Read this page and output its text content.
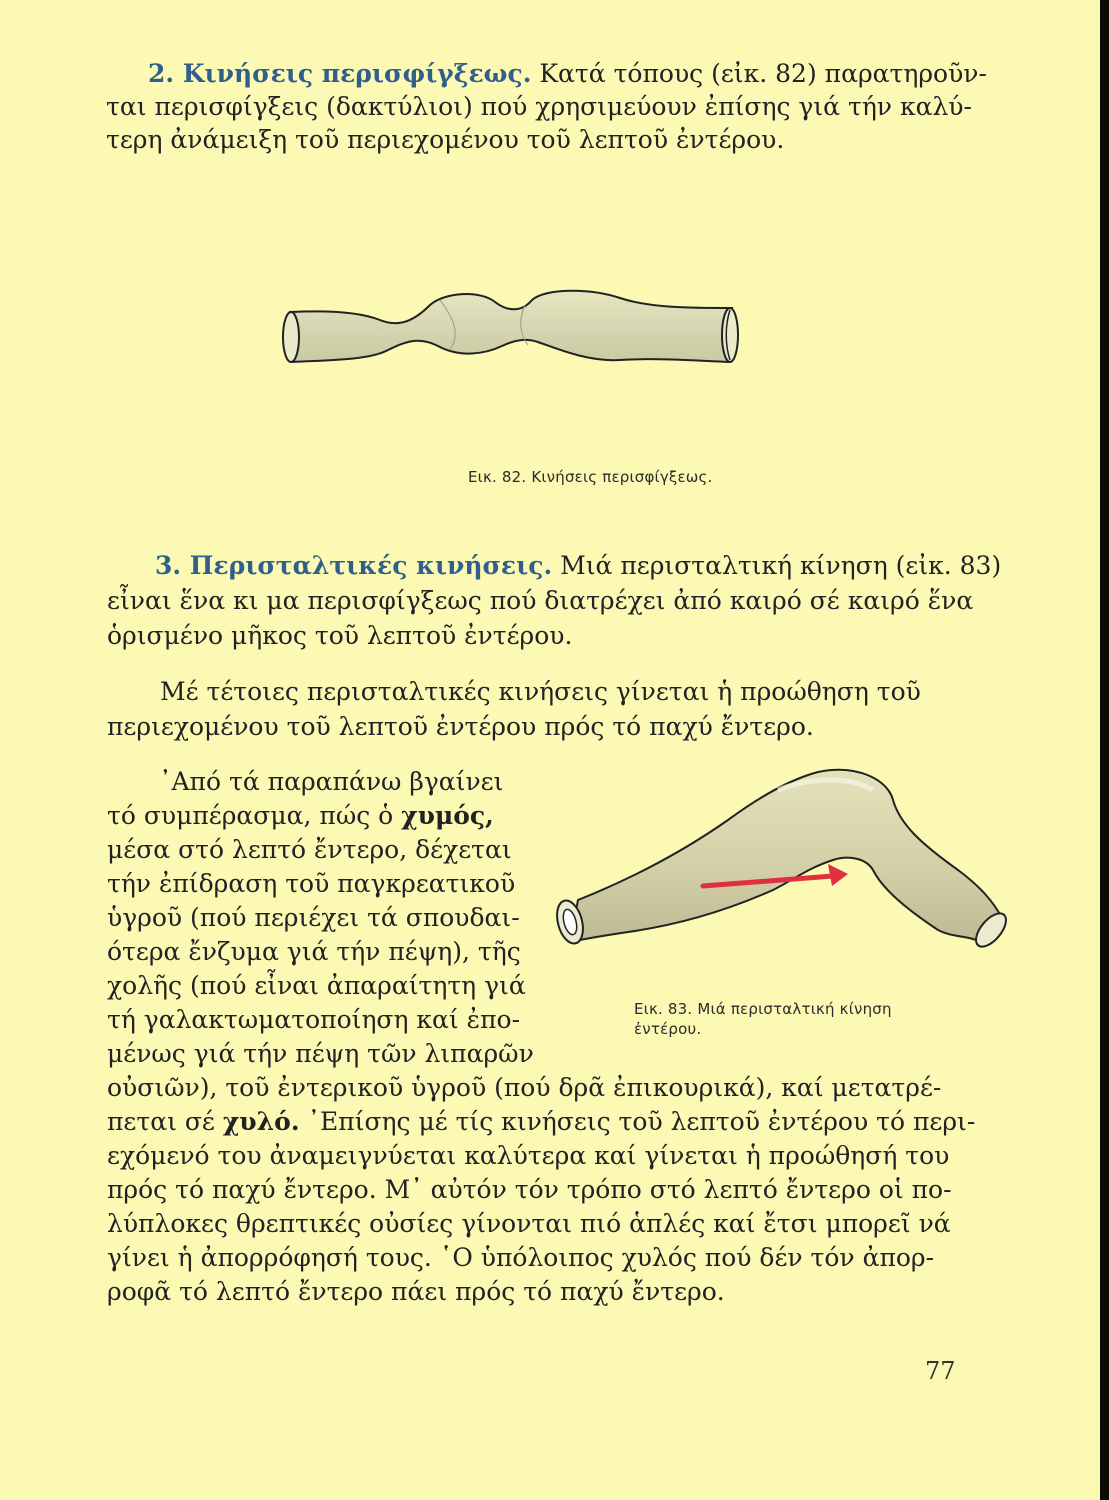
2. Κινήσεις περισφίγξεως. Κατά τόπους (εἰκ. 82) παρατηροῦν-
ται περισφίγξεις (δακτύλιοι) πού χρησιμεύουν ἐπίσης γιά τήν καλύ-
τερη ἀνάμειξη τοῦ περιεχομένου τοῦ λεπτοῦ ἐντέρου.
Εικ. 82. Κινήσεις περισφίγξεως.
3. Περισταλτικές κινήσεις. Μιά περισταλτική κίνηση (εἰκ. 83)
εἶναι ἕνα κι μα περισφίγξεως πού διατρέχει ἀπό καιρό σέ καιρό ἕνα
ὁρισμένο μῆκος τοῦ λεπτοῦ ἐντέρου.
Μέ τέτοιες περισταλτικές κινήσεις γίνεται ἡ προώθηση τοῦ
περιεχομένου τοῦ λεπτοῦ ἐντέρου πρός τό παχύ ἔντερο.
᾿Από τά παραπάνω βγαίνει
τό συμπέρασμα, πώς ὁ χυμός,
μέσα στό λεπτό ἔντερο, δέχεται
τήν ἐπίδραση τοῦ παγκρεατικοῦ
ὑγροῦ (πού περιέχει τά σπουδαι-
ότερα ἔνζυμα γιά τήν πέψη), τῆς
χολῆς (πού εἶναι ἀπαραίτητη γιά
τή γαλακτωματοποίηση καί ἐπο-
μένως γιά τήν πέψη τῶν λιπαρῶν
Εικ. 83. Μιά περισταλτική κίνηση
ἐντέρου.
οὐσιῶν), τοῦ ἐντερικοῦ ὑγροῦ (πού δρᾶ ἐπικουρικά), καί μετατρέ-
πεται σέ χυλό. ᾿Επίσης μέ τίς κινήσεις τοῦ λεπτοῦ ἐντέρου τό περι-
εχόμενό του ἀναμειγνύεται καλύτερα καί γίνεται ἡ προώθησή του
πρός τό παχύ ἔντερο. Μ᾿ αὐτόν τόν τρόπο στό λεπτό ἔντερο οἱ πο-
λύπλοκες θρεπτικές οὐσίες γίνονται πιό ἁπλές καί ἔτσι μπορεῖ νά
γίνει ἡ ἀπορρόφησή τους. ῾Ο ὑπόλοιπος χυλός πού δέν τόν ἀπορ-
ροφᾶ τό λεπτό ἔντερο πάει πρός τό παχύ ἔντερο.
77
